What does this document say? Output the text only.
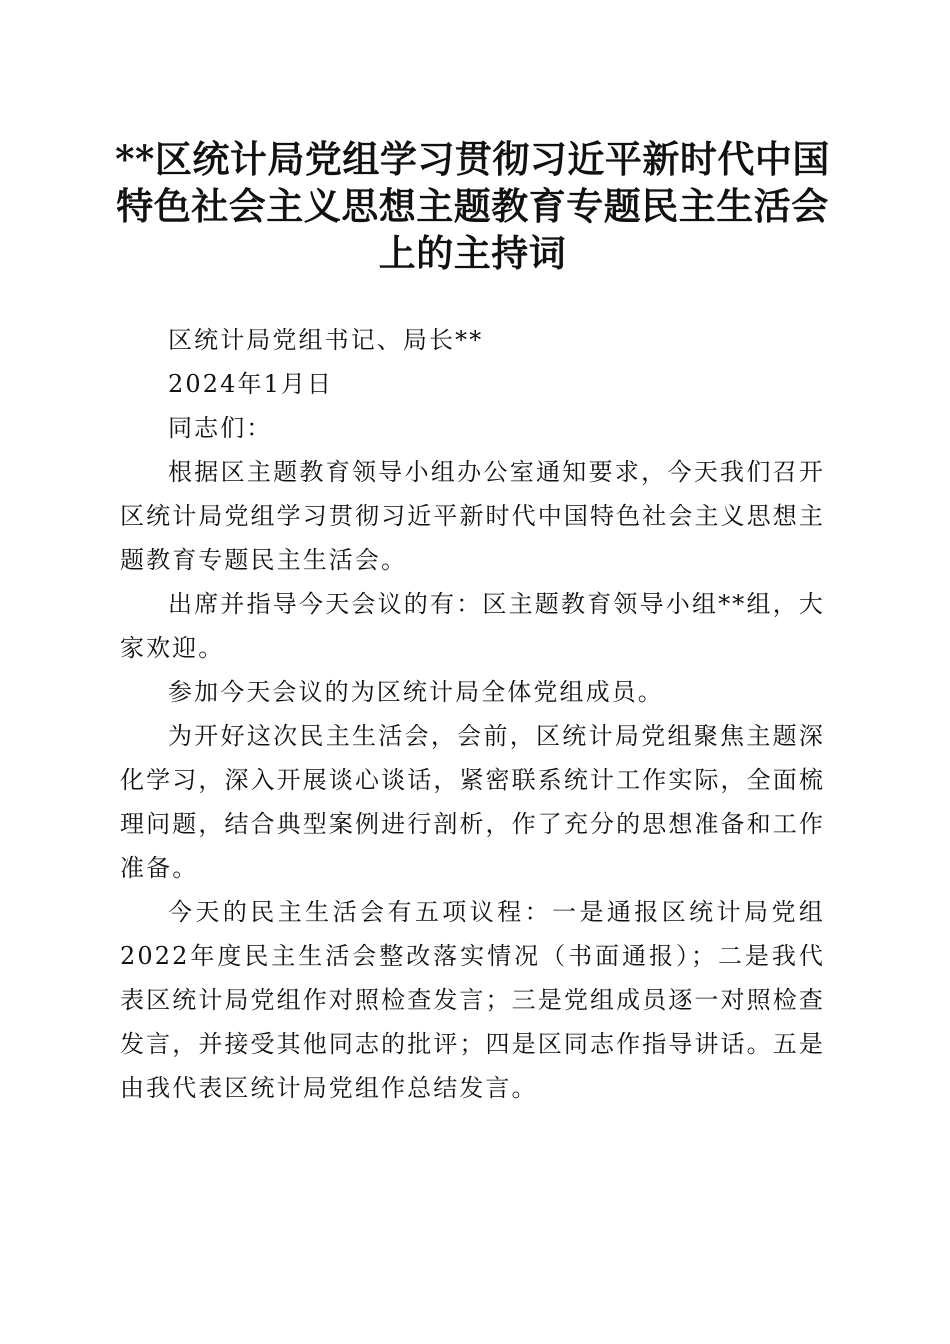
**区统计局党组学习贯彻习近平新时代中国特色社会主义思想主题教育专题民主生活会上的主持词

区统计局党组书记、局长**

2024年1月日

同志们：

根据区主题教育领导小组办公室通知要求，今天我们召开区统计局党组学习贯彻习近平新时代中国特色社会主义思想主题教育专题民主生活会。

出席并指导今天会议的有：区主题教育领导小组**组，大家欢迎。

参加今天会议的为区统计局全体党组成员。

为开好这次民主生活会，会前，区统计局党组聚焦主题深化学习，深入开展谈心谈话，紧密联系统计工作实际，全面梳理问题，结合典型案例进行剖析，作了充分的思想准备和工作准备。

今天的民主生活会有五项议程：一是通报区统计局党组2022年度民主生活会整改落实情况（书面通报）；二是我代表区统计局党组作对照检查发言；三是党组成员逐一对照检查发言，并接受其他同志的批评；四是区同志作指导讲话。五是由我代表区统计局党组作总结发言。
